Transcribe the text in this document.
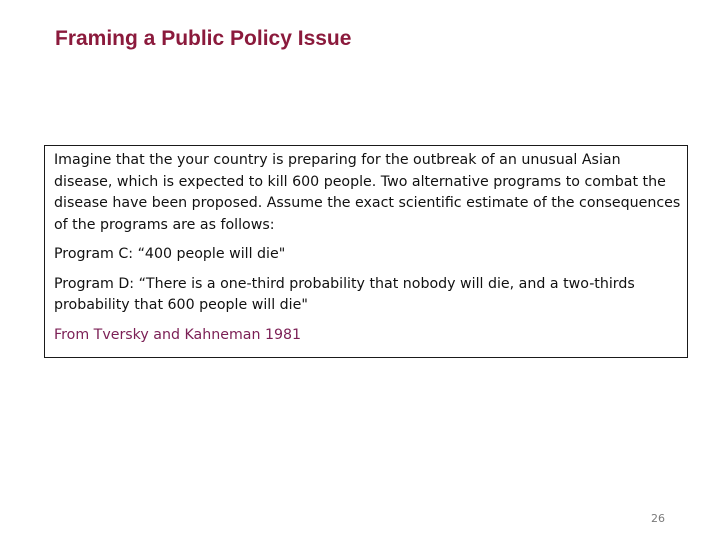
Framing a Public Policy Issue

Imagine that the your country is preparing for the outbreak of an unusual Asian disease, which is expected to kill 600 people. Two alternative programs to combat the disease have been proposed. Assume the exact scientific estimate of the consequences of the programs are as follows:

Program C: “400 people will die"

Program D: “There is a one-third probability that nobody will die, and a two-thirds probability that 600 people will die"

From Tversky and Kahneman 1981

26
